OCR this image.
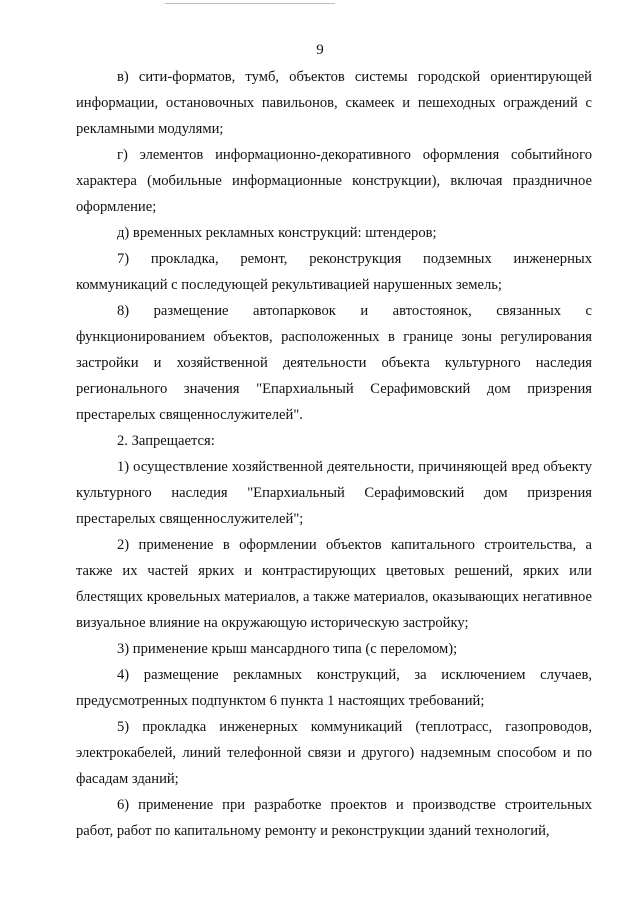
9

в) сити-форматов, тумб, объектов системы городской ориентирующей информации, остановочных павильонов, скамеек и пешеходных ограждений с рекламными модулями;

г) элементов информационно-декоративного оформления событийного характера (мобильные информационные конструкции), включая праздничное оформление;

д) временных рекламных конструкций: штендеров;

7) прокладка, ремонт, реконструкция подземных инженерных коммуникаций с последующей рекультивацией нарушенных земель;

8) размещение автопарковок и автостоянок, связанных с функционированием объектов, расположенных в границе зоны регулирования застройки и хозяйственной деятельности объекта культурного наследия регионального значения "Епархиальный Серафимовский дом призрения престарелых священнослужителей".

2. Запрещается:

1) осуществление хозяйственной деятельности, причиняющей вред объекту культурного наследия "Епархиальный Серафимовский дом призрения престарелых священнослужителей";

2) применение в оформлении объектов капитального строительства, а также их частей ярких и контрастирующих цветовых решений, ярких или блестящих кровельных материалов, а также материалов, оказывающих негативное визуальное влияние на окружающую историческую застройку;

3) применение крыш мансардного типа (с переломом);

4) размещение рекламных конструкций, за исключением случаев, предусмотренных подпунктом 6 пункта 1 настоящих требований;

5) прокладка инженерных коммуникаций (теплотрасс, газопроводов, электрокабелей, линий телефонной связи и другого) надземным способом и по фасадам зданий;

6) применение при разработке проектов и производстве строительных работ, работ по капитальному ремонту и реконструкции зданий технологий,
